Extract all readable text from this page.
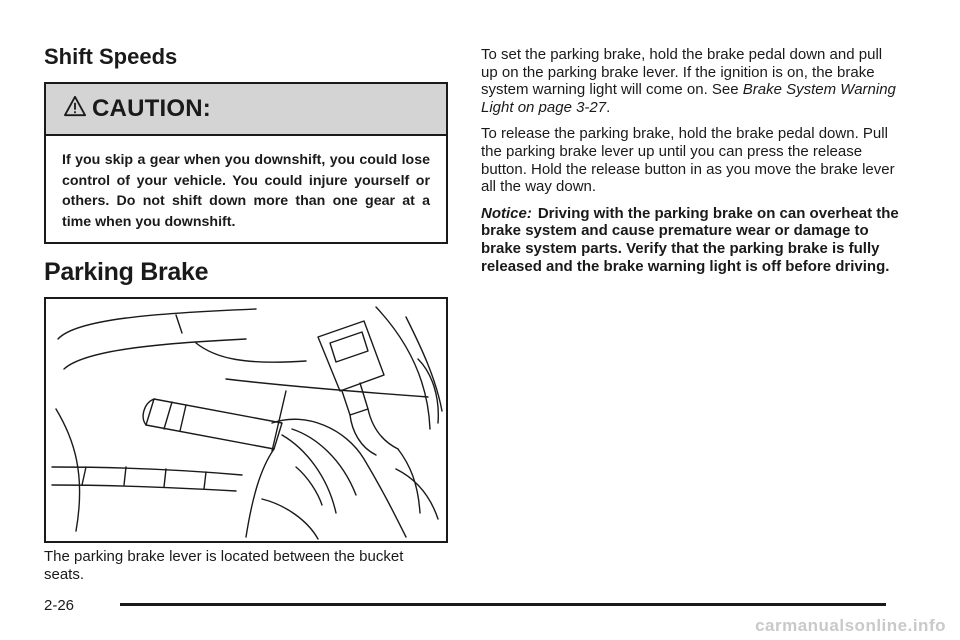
Shift Speeds
CAUTION:
If you skip a gear when you downshift, you could lose control of your vehicle. You could injure yourself or others. Do not shift down more than one gear at a time when you downshift.
Parking Brake

The parking brake lever is located between the bucket seats.

To set the parking brake, hold the brake pedal down and pull up on the parking brake lever. If the ignition is on, the brake system warning light will come on. See Brake System Warning Light on page 3-27.

To release the parking brake, hold the brake pedal down. Pull the parking brake lever up until you can press the release button. Hold the release button in as you move the brake lever all the way down.

Notice: Driving with the parking brake on can overheat the brake system and cause premature wear or damage to brake system parts. Verify that the parking brake is fully released and the brake warning light is off before driving.

2-26
carmanualsonline.info
